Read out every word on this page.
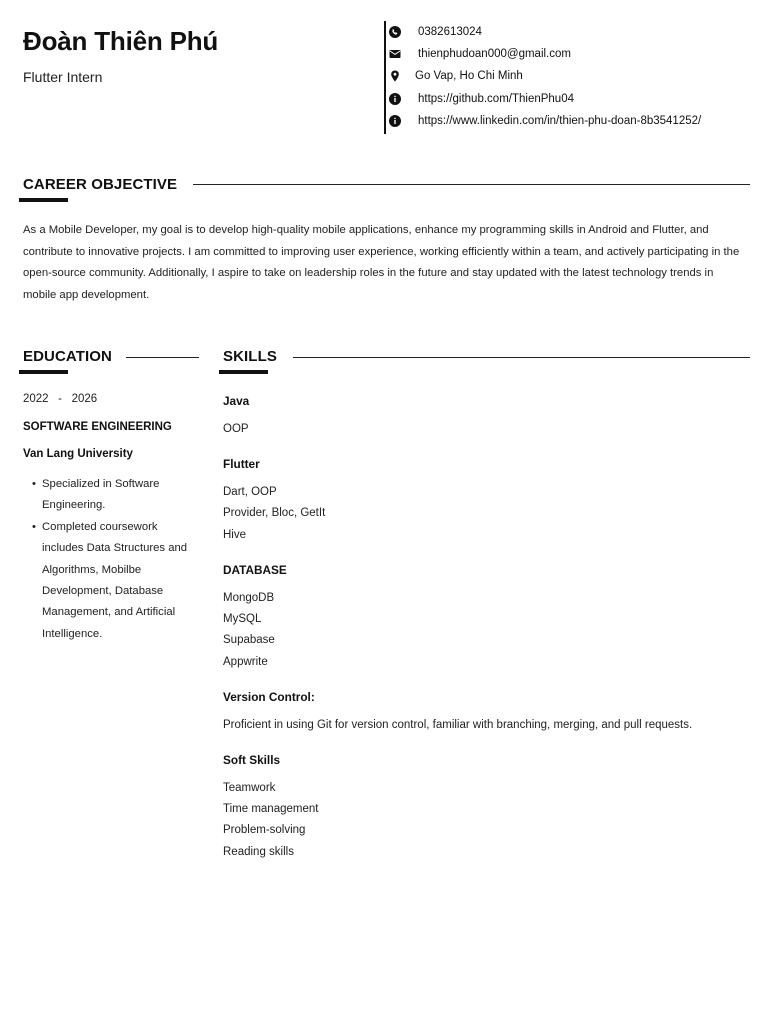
Đoàn Thiên Phú
Flutter Intern
0382613024
thienphudoan000@gmail.com
Go Vap, Ho Chi Minh
https://github.com/ThienPhu04
https://www.linkedin.com/in/thien-phu-doan-8b3541252/
CAREER OBJECTIVE
As a Mobile Developer, my goal is to develop high-quality mobile applications, enhance my programming skills in Android and Flutter, and contribute to innovative projects. I am committed to improving user experience, working efficiently within a team, and actively participating in the open-source community. Additionally, I aspire to take on leadership roles in the future and stay updated with the latest technology trends in mobile app development.
EDUCATION
2022   -   2026
SOFTWARE ENGINEERING
Van Lang University
• Specialized in Software Engineering.
• Completed coursework includes Data Structures and Algorithms, Mobilbe Development, Database Management, and Artificial Intelligence.
SKILLS
Java
OOP
Flutter
Dart, OOP
Provider, Bloc, GetIt
Hive
DATABASE
MongoDB
MySQL
Supabase
Appwrite
Version Control:
Proficient in using Git for version control, familiar with branching, merging, and pull requests.
Soft Skills
Teamwork
Time management
Problem-solving
Reading skills
